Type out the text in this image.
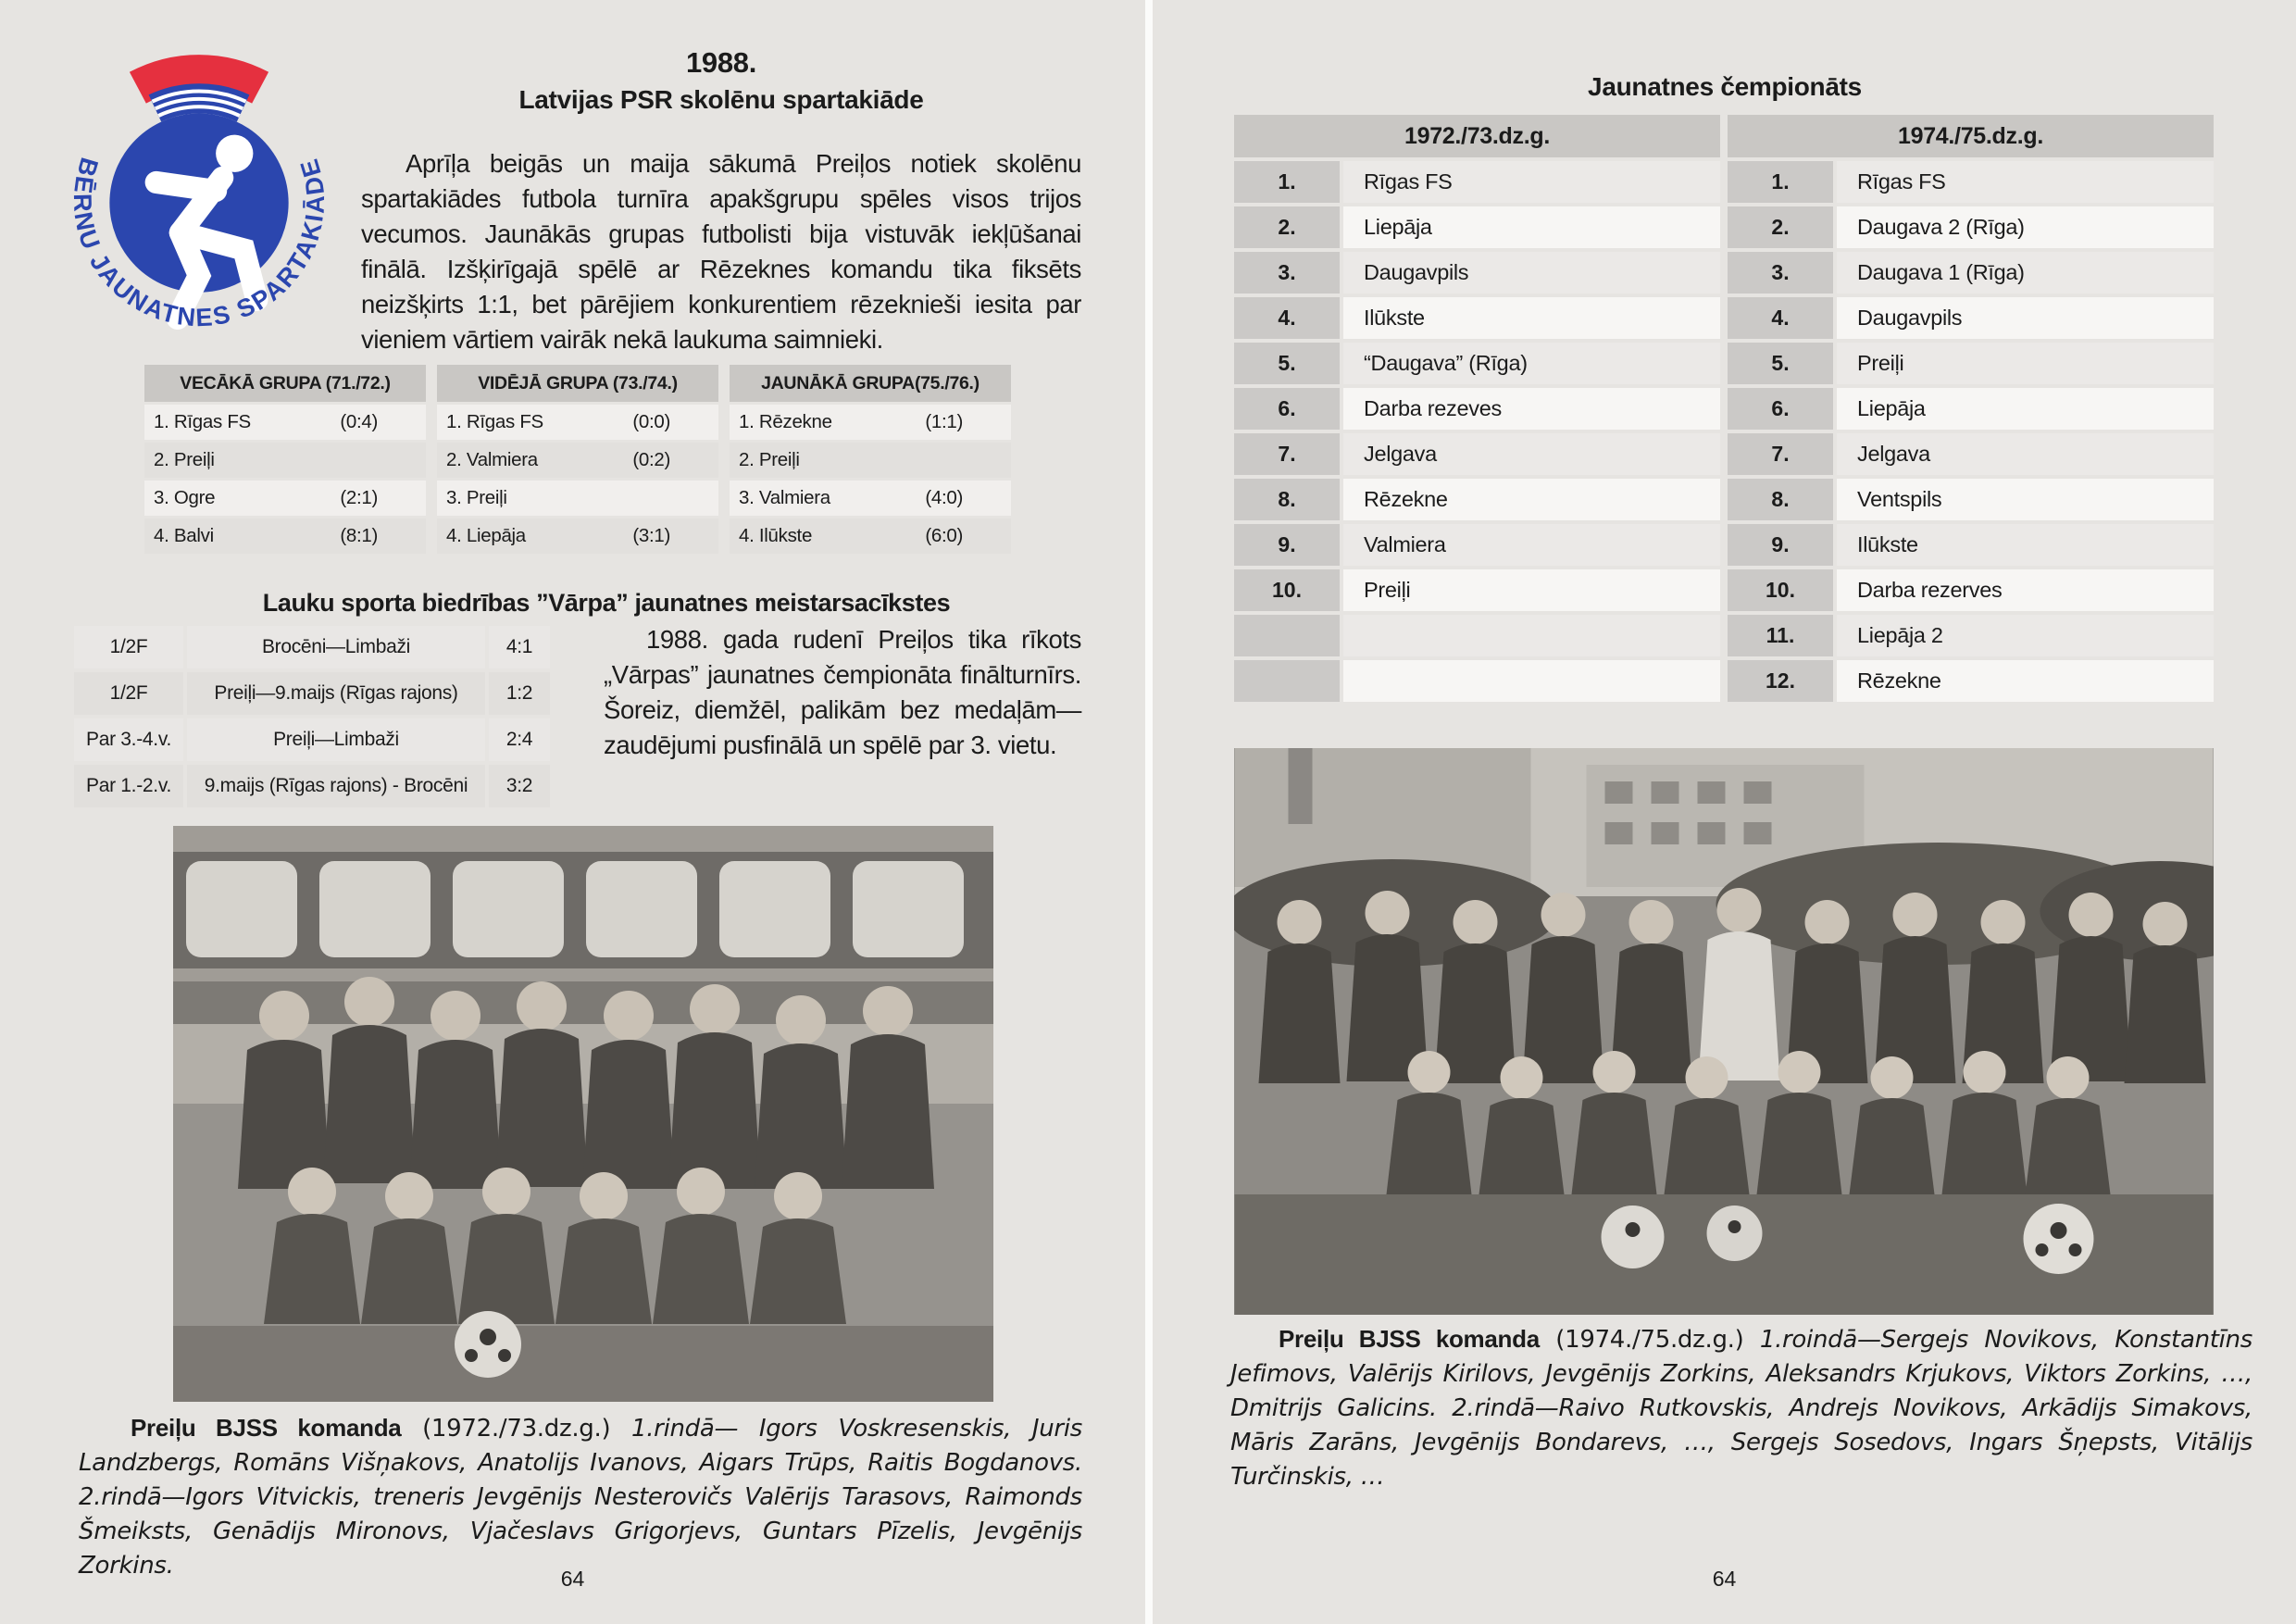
BĒRNU JAUNATNES SPARTAKIĀDE
1988.
Latvijas PSR skolēnu spartakiāde

Aprīļa beigās un maija sākumā Preiļos notiek skolēnu spartakiādes futbola turnīra apakšgrupu spēles visos trijos vecumos. Jaunākās grupas futbolisti bija vistuvāk iekļūšanai finālā. Izšķirīgajā spēlē ar Rēzeknes komandu tika fiksēts neizšķirts 1:1, bet pārējiem konkurentiem rēzeknieši iesita par vieniem vārtiem vairāk nekā laukuma saimnieki.

VECĀKĀ GRUPA (71./72.)
1. Rīgas FS	(0:4)
2. Preiļi
3. Ogre	(2:1)
4. Balvi	(8:1)
VIDĒJĀ GRUPA (73./74.)
1. Rīgas FS	(0:0)
2. Valmiera	(0:2)
3. Preiļi
4. Liepāja	(3:1)
JAUNĀKĀ GRUPA(75./76.)
1. Rēzekne	(1:1)
2. Preiļi
3. Valmiera	(4:0)
4. Ilūkste	(6:0)
Lauku sporta biedrības ”Vārpa” jaunatnes meistarsacīkstes
1/2F	Brocēni—Limbaži	4:1
1/2F	Preiļi—9.maijs (Rīgas rajons)	1:2
Par 3.-4.v.	Preiļi—Limbaži	2:4
Par 1.-2.v.	9.maijs (Rīgas rajons) - Brocēni	3:2

1988. gada rudenī Preiļos tika rīkots „Vārpas” jaunatnes čempionāta finālturnīrs. Šoreiz, diemžēl, palikām bez medaļām—zaudējumi pusfinālā un spēlē par 3. vietu.

Preiļu BJSS komanda (1972./73.dz.g.) 1.rindā— Igors Voskresenskis, Juris Landzbergs, Romāns Višņakovs, Anatolijs Ivanovs, Aigars Trūps, Raitis Bogdanovs. 2.rindā—Igors Vitvickis, treneris Jevgēnijs Nesterovičs Valērijs Tarasovs, Raimonds Šmeiksts, Genādijs Mironovs, Vjačeslavs Grigorjevs, Guntars Pīzelis, Jevgēnijs Zorkins.	64
Jaunatnes čempionāts
1972./73.dz.g.
1.	Rīgas FS
2.	Liepāja
3.	Daugavpils
4.	Ilūkste
5.	“Daugava” (Rīga)
6.	Darba rezeves
7.	Jelgava
8.	Rēzekne
9.	Valmiera
10.	Preiļi
1974./75.dz.g.
1.	Rīgas FS
2.	Daugava 2 (Rīga)
3.	Daugava 1 (Rīga)
4.	Daugavpils
5.	Preiļi
6.	Liepāja
7.	Jelgava
8.	Ventspils
9.	Ilūkste
10.	Darba rezerves
11.	Liepāja 2
12.	Rēzekne

Preiļu BJSS komanda (1974./75.dz.g.) 1.roindā—Sergejs Novikovs, Konstantīns Jefimovs, Valērijs Kirilovs, Jevgēnijs Zorkins, Aleksandrs Krjukovs, Viktors Zorkins, …, Dmitrijs Galicins. 2.rindā—Raivo Rutkovskis, Andrejs Novikovs, Arkādijs Simakovs, Māris Zarāns, Jevgēnijs Bondarevs, …, Sergejs Sosedovs, Ingars Šņepsts, Vitālijs Turčinskis, …

64
